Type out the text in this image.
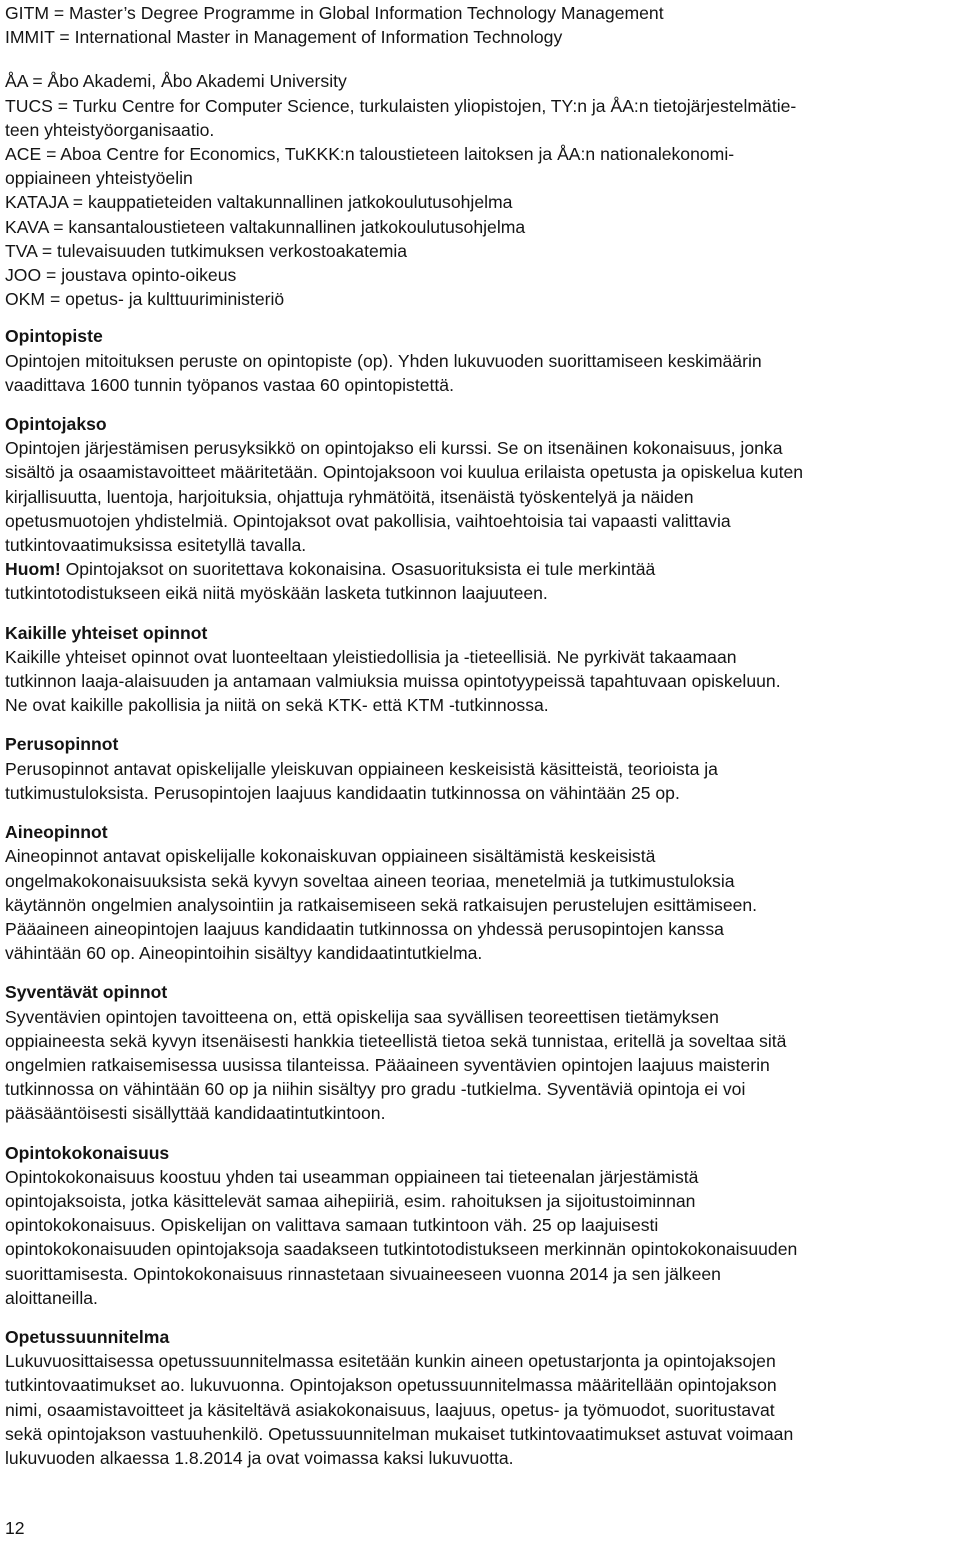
GITM = Master’s Degree Programme in Global Information Technology Management

IMMIT = International Master in Management of Information Technology

ÅA = Åbo Akademi, Åbo Akademi University

TUCS = Turku Centre for Computer Science, turkulaisten yliopistojen, TY:n ja ÅA:n tietojärjestelmätie-

teen yhteistyöorganisaatio.

ACE = Aboa Centre for Economics, TuKKK:n taloustieteen laitoksen ja ÅA:n nationalekonomi-

oppiaineen yhteistyöelin

KATAJA = kauppatieteiden valtakunnallinen jatkokoulutusohjelma

KAVA = kansantaloustieteen valtakunnallinen jatkokoulutusohjelma

TVA = tulevaisuuden tutkimuksen verkostoakatemia

JOO = joustava opinto-oikeus

OKM = opetus- ja kulttuuriministeriö

Opintopiste

Opintojen mitoituksen peruste on opintopiste (op). Yhden lukuvuoden suorittamiseen keskimäärin

vaadittava 1600 tunnin työpanos vastaa 60 opintopistettä.

Opintojakso

Opintojen järjestämisen perusyksikkö on opintojakso eli kurssi. Se on itsenäinen kokonaisuus, jonka

sisältö ja osaamistavoitteet määritetään. Opintojaksoon voi kuulua erilaista opetusta ja opiskelua kuten

kirjallisuutta, luentoja, harjoituksia, ohjattuja ryhmätöitä, itsenäistä työskentelyä ja näiden

opetusmuotojen yhdistelmiä. Opintojaksot ovat pakollisia, vaihtoehtoisia tai vapaasti valittavia

tutkintovaatimuksissa esitetyllä tavalla.

Huom! Opintojaksot on suoritettava kokonaisina. Osasuorituksista ei tule merkintää

tutkintotodistukseen eikä niitä myöskään lasketa tutkinnon laajuuteen.

Kaikille yhteiset opinnot

Kaikille yhteiset opinnot ovat luonteeltaan yleistiedollisia ja -tieteellisiä. Ne pyrkivät takaamaan

tutkinnon laaja-alaisuuden ja antamaan valmiuksia muissa opintotyypeissä tapahtuvaan opiskeluun.

Ne ovat kaikille pakollisia ja niitä on sekä KTK- että KTM -tutkinnossa.

Perusopinnot

Perusopinnot antavat opiskelijalle yleiskuvan oppiaineen keskeisistä käsitteistä, teorioista ja

tutkimustuloksista. Perusopintojen laajuus kandidaatin tutkinnossa on vähintään 25 op.

Aineopinnot

Aineopinnot antavat opiskelijalle kokonaiskuvan oppiaineen sisältämistä keskeisistä

ongelmakokonaisuuksista sekä kyvyn soveltaa aineen teoriaa, menetelmiä ja tutkimustuloksia

käytännön ongelmien analysointiin ja ratkaisemiseen sekä ratkaisujen perustelujen esittämiseen.

Pääaineen aineopintojen laajuus kandidaatin tutkinnossa on yhdessä perusopintojen kanssa

vähintään 60 op. Aineopintoihin sisältyy kandidaatintutkielma.

Syventävät opinnot

Syventävien opintojen tavoitteena on, että opiskelija saa syvällisen teoreettisen tietämyksen

oppiaineesta sekä kyvyn itsenäisesti hankkia tieteellistä tietoa sekä tunnistaa, eritellä ja soveltaa sitä

ongelmien ratkaisemisessa uusissa tilanteissa. Pääaineen syventävien opintojen laajuus maisterin

tutkinnossa on vähintään 60 op ja niihin sisältyy pro gradu -tutkielma. Syventäviä opintoja ei voi

pääsääntöisesti sisällyttää kandidaatintutkintoon.

Opintokokonaisuus

Opintokokonaisuus koostuu yhden tai useamman oppiaineen tai tieteenalan järjestämistä

opintojaksoista, jotka käsittelevät samaa aihepiiriä, esim. rahoituksen ja sijoitustoiminnan

opintokokonaisuus. Opiskelijan on valittava samaan tutkintoon väh. 25 op laajuisesti

opintokokonaisuuden opintojaksoja saadakseen tutkintotodistukseen merkinnän opintokokonaisuuden

suorittamisesta. Opintokokonaisuus rinnastetaan sivuaineeseen vuonna 2014 ja sen jälkeen

aloittaneilla.

Opetussuunnitelma

Lukuvuosittaisessa opetussuunnitelmassa esitetään kunkin aineen opetustarjonta ja opintojaksojen

tutkintovaatimukset ao. lukuvuonna. Opintojakson opetussuunnitelmassa määritellään opintojakson

nimi, osaamistavoitteet ja käsiteltävä asiakokonaisuus, laajuus, opetus- ja työmuodot, suoritustavat

sekä opintojakson vastuuhenkilö. Opetussuunnitelman mukaiset tutkintovaatimukset astuvat voimaan

lukuvuoden alkaessa 1.8.2014 ja ovat voimassa kaksi lukuvuotta.

12
